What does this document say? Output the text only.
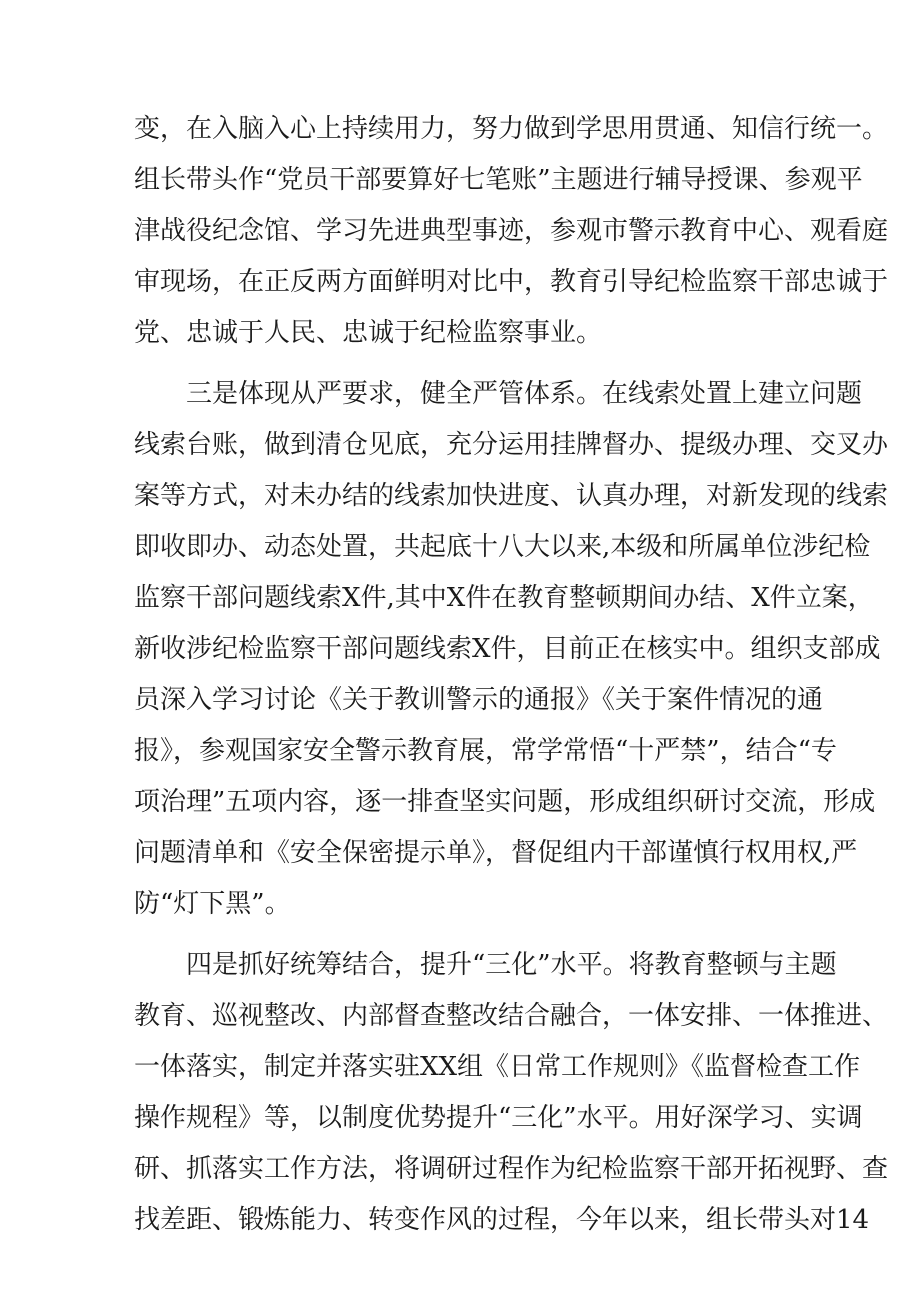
变，在入脑入心上持续用力，努力做到学思用贯通、知信行统一。
组长带头作“党员干部要算好七笔账”主题进行辅导授课、参观平
津战役纪念馆、学习先进典型事迹，参观市警示教育中心、观看庭
审现场，在正反两方面鲜明对比中，教育引导纪检监察干部忠诚于
党、忠诚于人民、忠诚于纪检监察事业。
三是体现从严要求，健全严管体系。在线索处置上建立问题
线索台账，做到清仓见底，充分运用挂牌督办、提级办理、交叉办
案等方式，对未办结的线索加快进度、认真办理，对新发现的线索
即收即办、动态处置，共起底十八大以来,本级和所属单位涉纪检
监察干部问题线索X件,其中X件在教育整顿期间办结、X件立案，
新收涉纪检监察干部问题线索X件，目前正在核实中。组织支部成
员深入学习讨论《关于教训警示的通报》《关于案件情况的通
报》，参观国家安全警示教育展，常学常悟“十严禁”，结合“专
项治理”五项内容，逐一排查坚实问题，形成组织研讨交流，形成
问题清单和《安全保密提示单》，督促组内干部谨慎行权用权,严
防“灯下黑”。
四是抓好统筹结合，提升“三化”水平。将教育整顿与主题
教育、巡视整改、内部督查整改结合融合，一体安排、一体推进、
一体落实，制定并落实驻XX组《日常工作规则》《监督检查工作
操作规程》等，以制度优势提升“三化”水平。用好深学习、实调
研、抓落实工作方法，将调研过程作为纪检监察干部开拓视野、查
找差距、锻炼能力、转变作风的过程，今年以来，组长带头对14
